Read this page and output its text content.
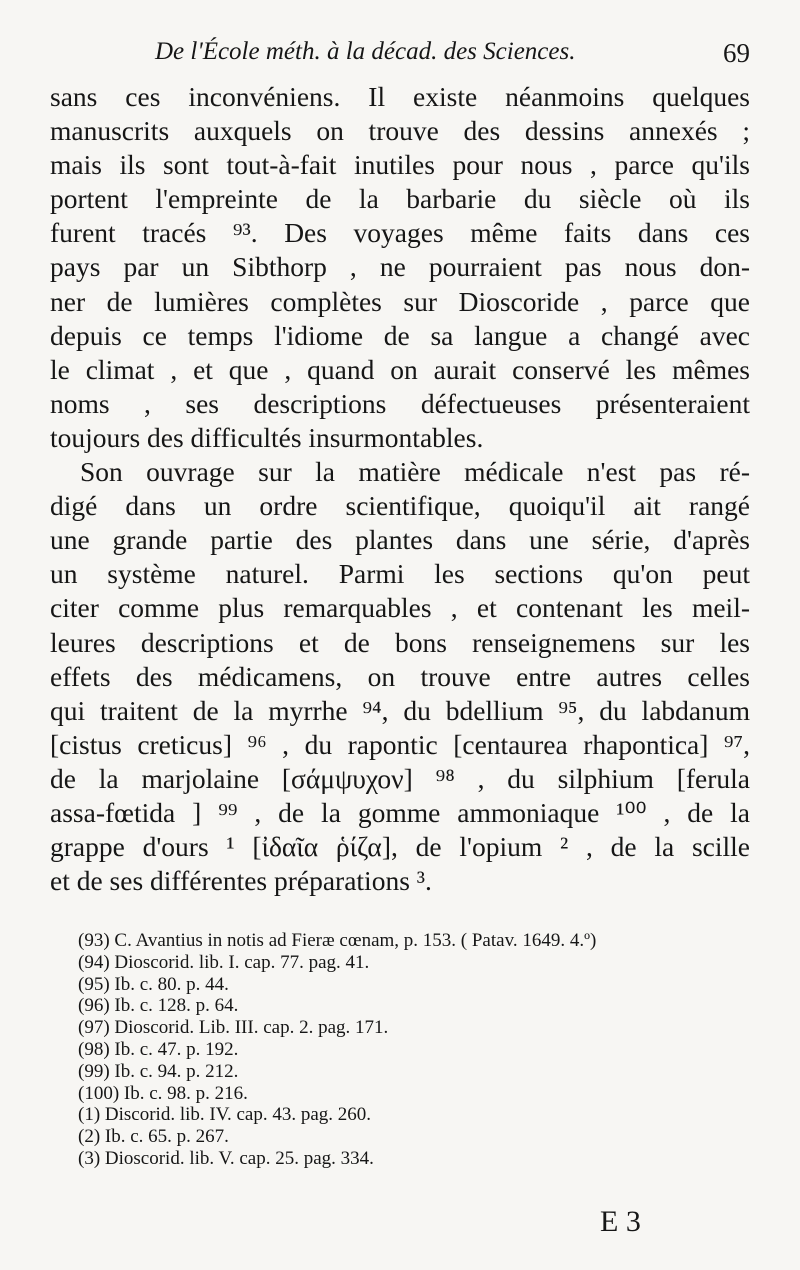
De l'École méth. à la décad. des Sciences.	69
sans ces inconvéniens. Il existe néanmoins quelques
manuscrits auxquels on trouve des dessins annexés ;
mais ils sont tout-à-fait inutiles pour nous , parce qu'ils
portent l'empreinte de la barbarie du siècle où ils
furent tracés ⁹³. Des voyages même faits dans ces
pays par un Sibthorp , ne pourraient pas nous don-
ner de lumières complètes sur Dioscoride , parce que
depuis ce temps l'idiome de sa langue a changé avec
le climat , et que , quand on aurait conservé les mêmes
noms , ses descriptions défectueuses présenteraient
toujours des difficultés insurmontables.
Son ouvrage sur la matière médicale n'est pas ré-
digé dans un ordre scientifique, quoiqu'il ait rangé
une grande partie des plantes dans une série, d'après
un système naturel. Parmi les sections qu'on peut
citer comme plus remarquables , et contenant les meil-
leures descriptions et de bons renseignemens sur les
effets des médicamens, on trouve entre autres celles
qui traitent de la myrrhe ⁹⁴, du bdellium ⁹⁵, du labdanum
[cistus creticus] ⁹⁶ , du rapontic [centaurea rhapontica] ⁹⁷,
de la marjolaine [σάμψυχον] ⁹⁸ , du silphium [ferula
assa-fœtida ] ⁹⁹ , de la gomme ammoniaque ¹⁰⁰ , de la
grappe d'ours ¹ [ἰδαῖα ῥίζα], de l'opium ² , de la scille
et de ses différentes préparations ³.
(93) C. Avantius in notis ad Fieræ cœnam, p. 153. ( Patav. 1649. 4.º)
(94) Dioscorid. lib. I. cap. 77. pag. 41.
(95) Ib. c. 80. p. 44.
(96) Ib. c. 128. p. 64.
(97) Dioscorid. Lib. III. cap. 2. pag. 171.
(98) Ib. c. 47. p. 192.
(99) Ib. c. 94. p. 212.
(100) Ib. c. 98. p. 216.
(1) Discorid. lib. IV. cap. 43. pag. 260.
(2) Ib. c. 65. p. 267.
(3) Dioscorid. lib. V. cap. 25. pag. 334.
E 3
